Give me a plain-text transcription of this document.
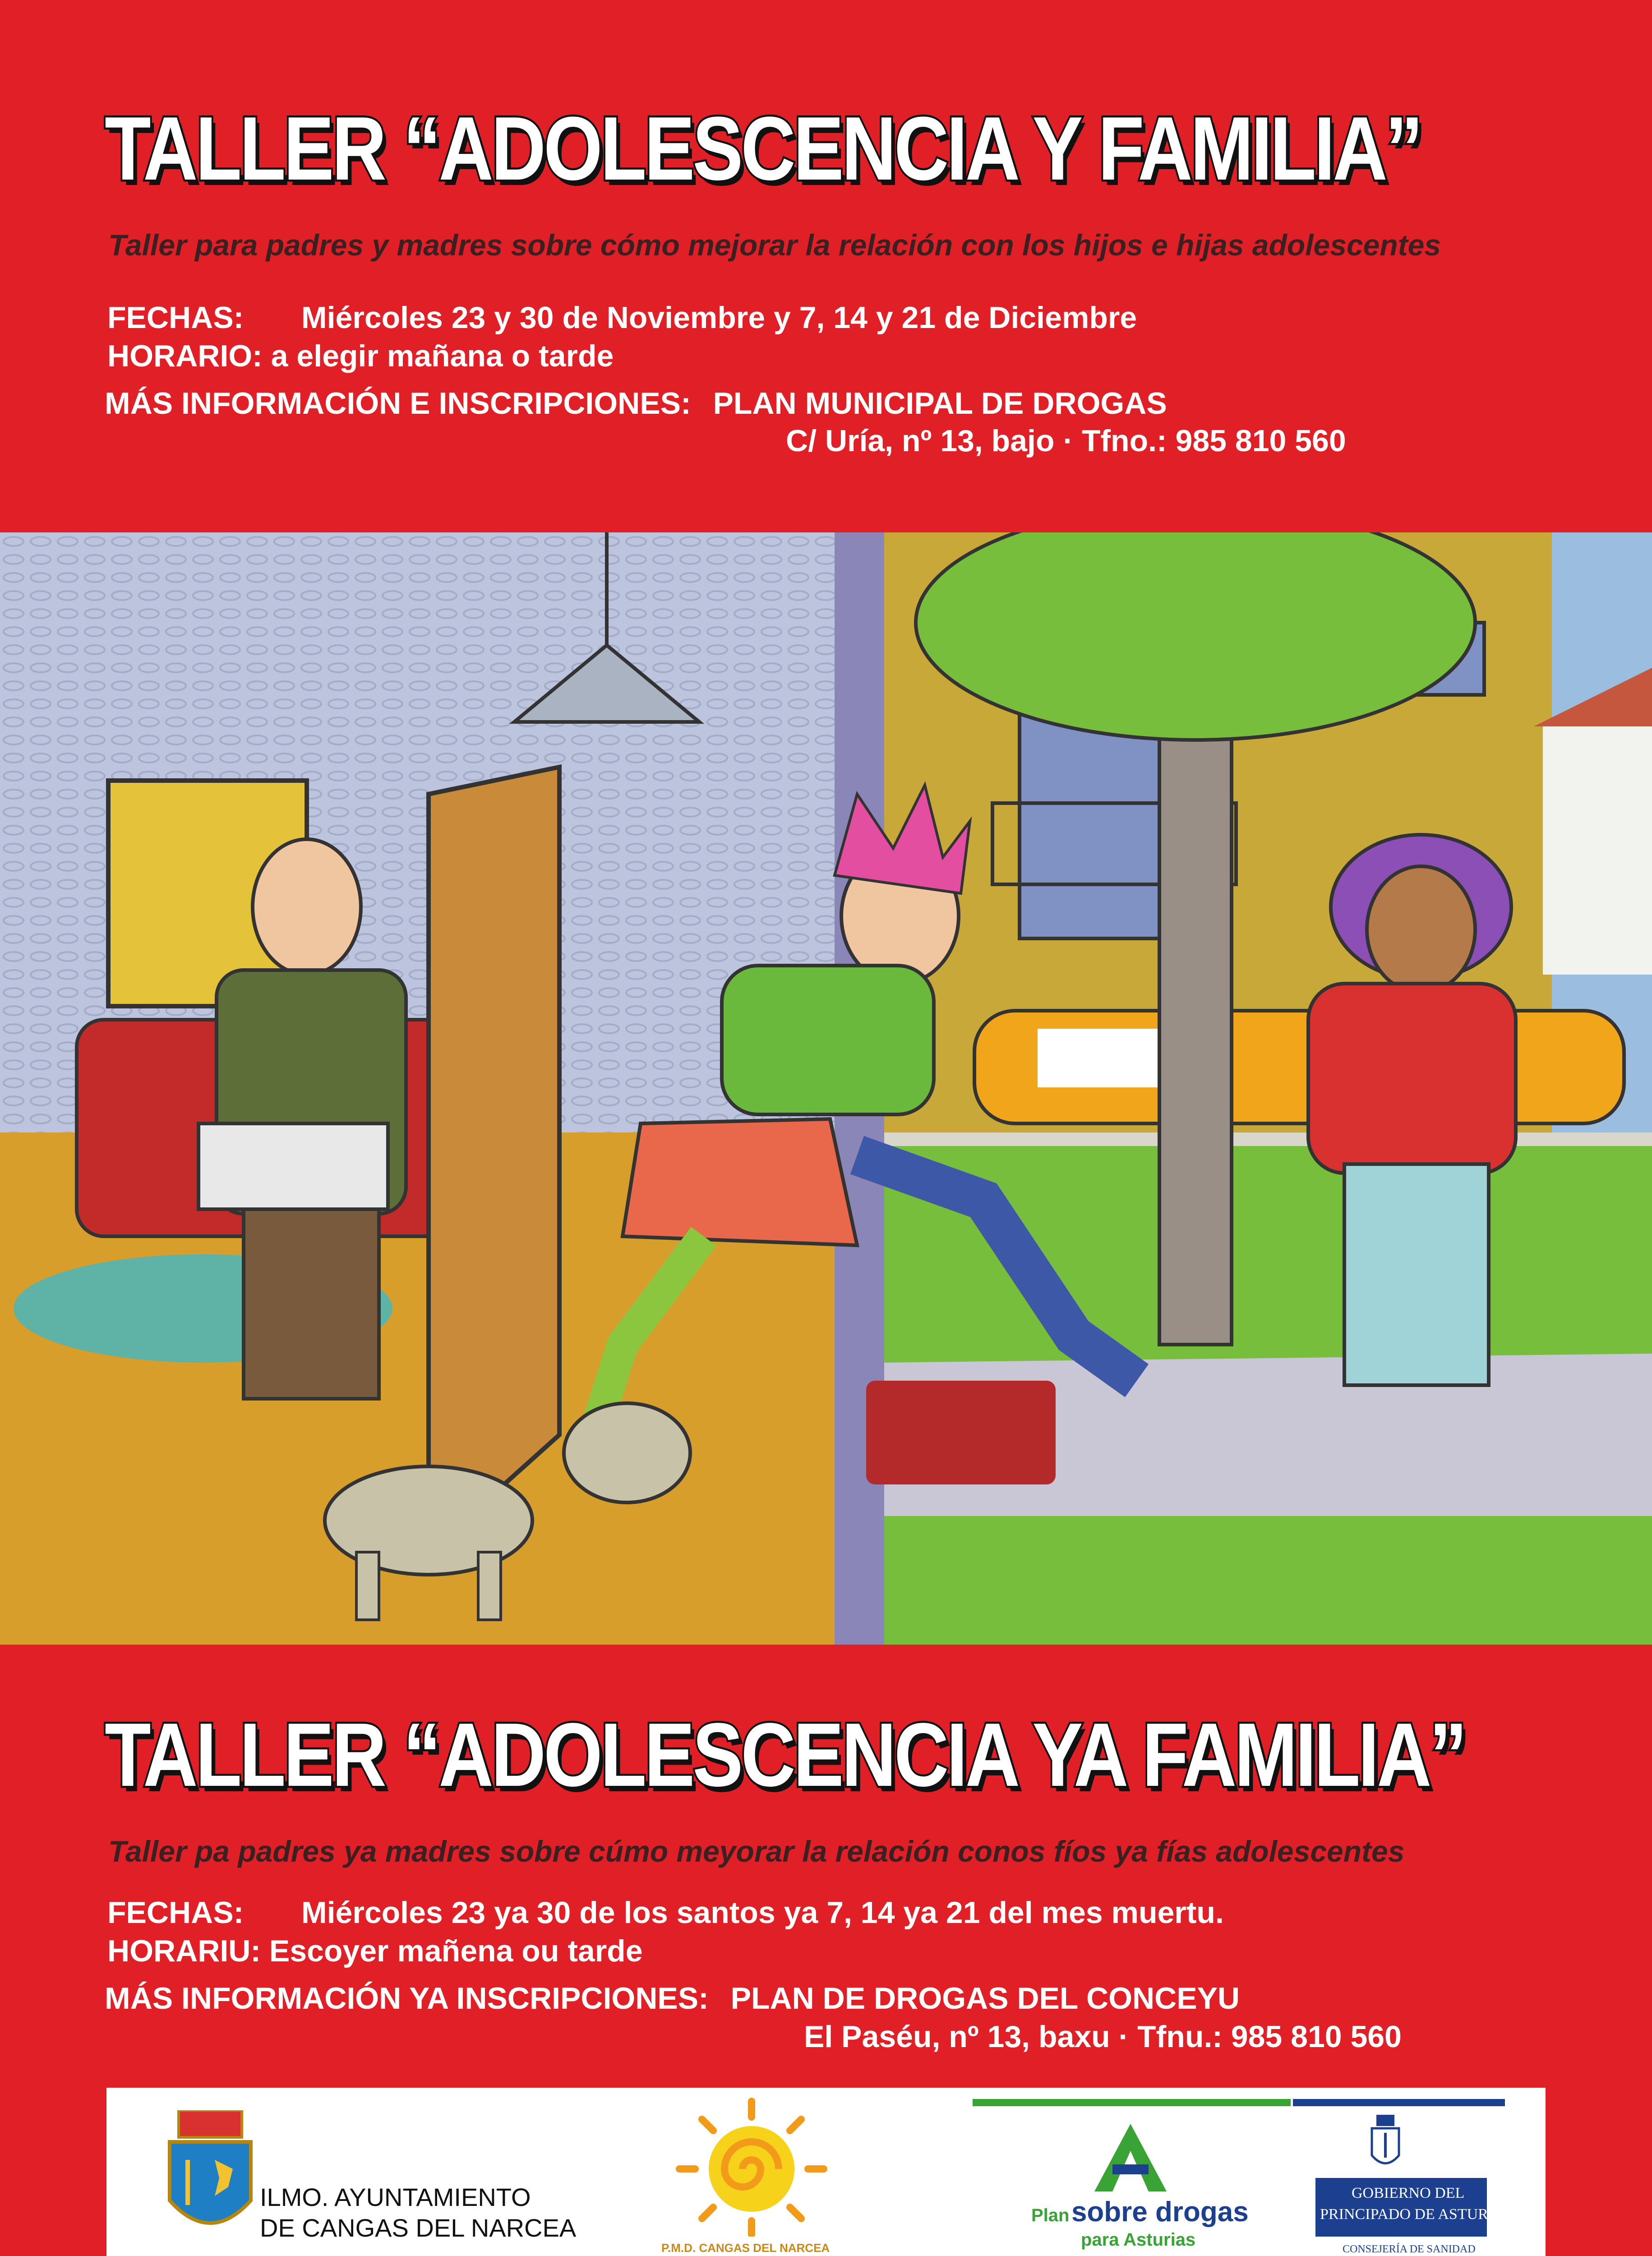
TALLER “ADOLESCENCIA Y FAMILIA”
Taller para padres y madres sobre cómo mejorar la relación con los hijos e hijas adolescentes
FECHAS: Miércoles 23 y 30 de Noviembre y 7, 14 y 21 de Diciembre
HORARIO: a elegir mañana o tarde
MÁS INFORMACIÓN E INSCRIPCIONES: PLAN MUNICIPAL DE DROGAS
C/ Uría, nº 13, bajo · Tfno.: 985 810 560
TALLER “ADOLESCENCIA YA FAMILIA”
Taller pa padres ya madres sobre cúmo meyorar la relación conos fíos ya fías adolescentes
FECHAS: Miércoles 23 ya 30 de los santos ya 7, 14 ya 21 del mes muertu.
HORARIU: Escoyer mañena ou tarde
MÁS INFORMACIÓN YA INSCRIPCIONES: PLAN DE DROGAS DEL CONCEYU
El Paséu, nº 13, baxu · Tfnu.: 985 810 560
ILMO. AYUNTAMIENTO
DE CANGAS DEL NARCEA
P.M.D. CANGAS DEL NARCEA
Plan sobre drogas
para Asturias
GOBIERNO DEL
PRINCIPADO DE ASTURIAS
CONSEJERÍA DE SANIDAD
